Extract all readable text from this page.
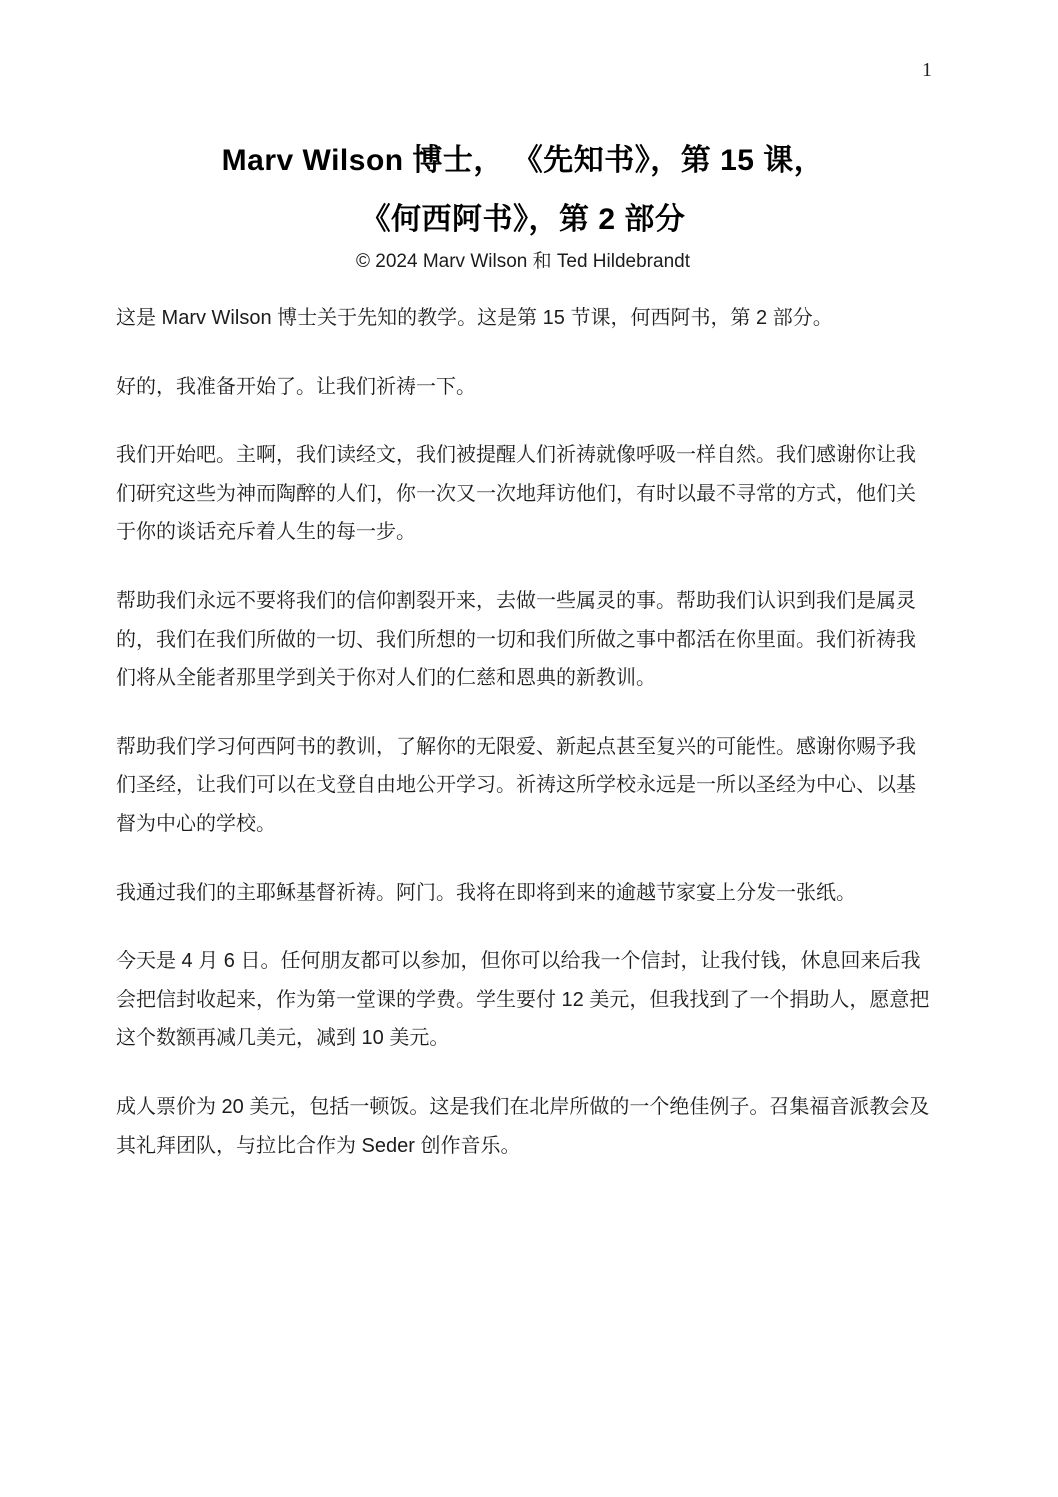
1
Marv Wilson 博士， 《先知书》，第 15 课，
《何西阿书》，第 2 部分
© 2024 Marv Wilson 和 Ted Hildebrandt

这是 Marv Wilson 博士关于先知的教学。这是第 15 节课，何西阿书，第 2 部分。

好的，我准备开始了。让我们祈祷一下。

我们开始吧。主啊，我们读经文，我们被提醒人们祈祷就像呼吸一样自然。我们感谢你让我们研究这些为神而陶醉的人们，你一次又一次地拜访他们，有时以最不寻常的方式，他们关于你的谈话充斥着人生的每一步。

帮助我们永远不要将我们的信仰割裂开来，去做一些属灵的事。帮助我们认识到我们是属灵的，我们在我们所做的一切、我们所想的一切和我们所做之事中都活在你里面。我们祈祷我们将从全能者那里学到关于你对人们的仁慈和恩典的新教训。

帮助我们学习何西阿书的教训，了解你的无限爱、新起点甚至复兴的可能性。感谢你赐予我们圣经，让我们可以在戈登自由地公开学习。祈祷这所学校永远是一所以圣经为中心、以基督为中心的学校。

我通过我们的主耶稣基督祈祷。阿门。我将在即将到来的逾越节家宴上分发一张纸。

今天是 4 月 6 日。任何朋友都可以参加，但你可以给我一个信封，让我付钱，休息回来后我会把信封收起来，作为第一堂课的学费。学生要付 12 美元，但我找到了一个捐助人，愿意把这个数额再减几美元，减到 10 美元。

成人票价为 20 美元，包括一顿饭。这是我们在北岸所做的一个绝佳例子。召集福音派教会及其礼拜团队，与拉比合作为 Seder 创作音乐。
